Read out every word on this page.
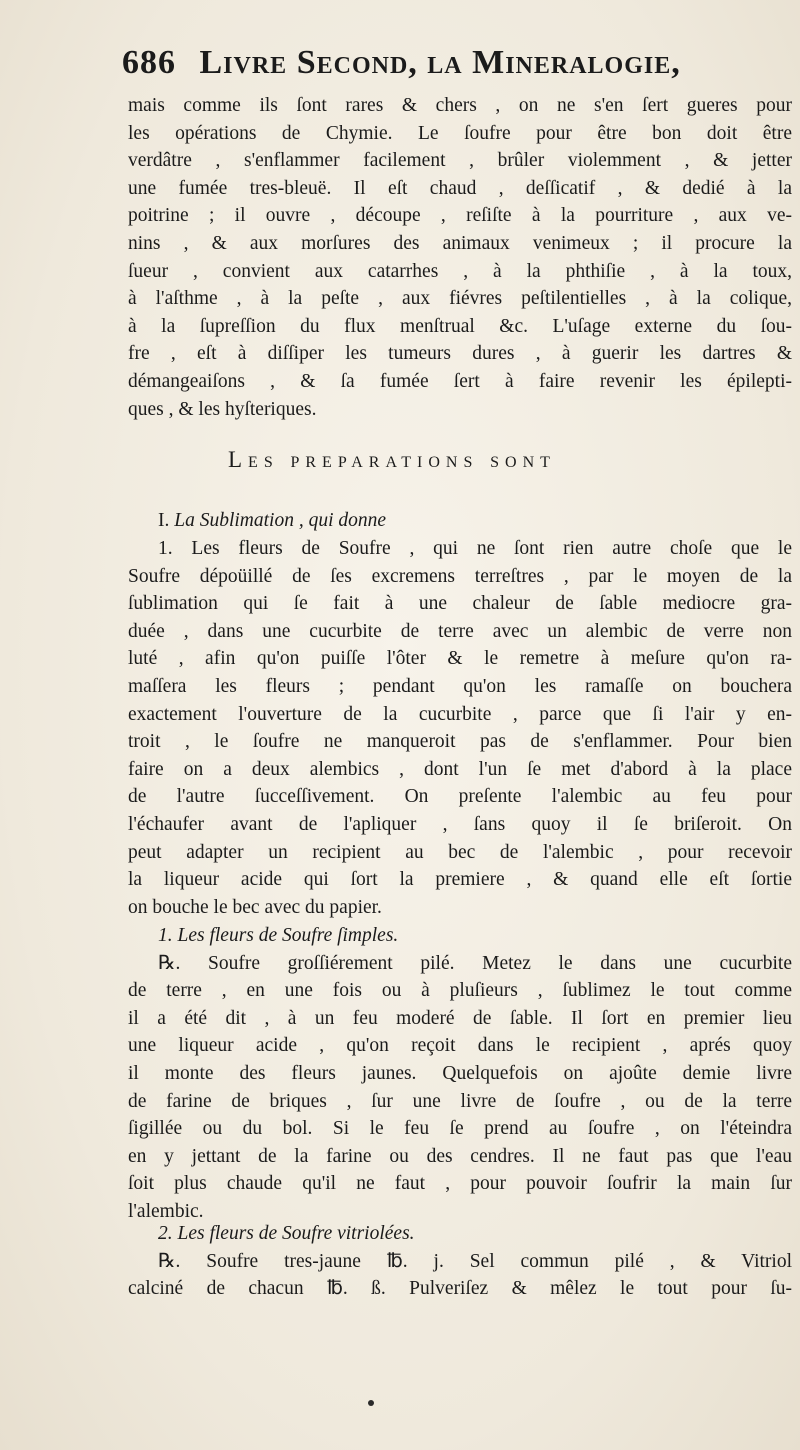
686 Livre Second, la Mineralogie,
mais comme ils ſont rares & chers , on ne s'en ſert gueres pour
les opérations de Chymie. Le ſoufre pour être bon doit être
verdâtre , s'enflammer facilement , brûler violemment , & jetter
une fumée tres-bleuë. Il eſt chaud , deſſicatif , & dedié à la
poitrine ; il ouvre , découpe , reſiſte à la pourriture , aux ve-
nins , & aux morſures des animaux venimeux ; il procure la
ſueur , convient aux catarrhes , à la phthiſie , à la toux,
à l'aſthme , à la peſte , aux fiévres peſtilentielles , à la colique,
à la ſupreſſion du flux menſtrual &c. L'uſage externe du ſou-
fre , eſt à diſſiper les tumeurs dures , à guerir les dartres &
démangeaiſons , & ſa fumée ſert à faire revenir les épilepti-
ques , & les hyſteriques.
Les preparations sont
I. La Sublimation , qui donne
1. Les fleurs de Soufre , qui ne ſont rien autre choſe que le
Soufre dépoüillé de ſes excremens terreſtres , par le moyen de la
ſublimation qui ſe fait à une chaleur de ſable mediocre gra-
duée , dans une cucurbite de terre avec un alembic de verre non
luté , afin qu'on puiſſe l'ôter & le remetre à meſure qu'on ra-
maſſera les fleurs ; pendant qu'on les ramaſſe on bouchera
exactement l'ouverture de la cucurbite , parce que ſi l'air y en-
troit , le ſoufre ne manqueroit pas de s'enflammer. Pour bien
faire on a deux alembics , dont l'un ſe met d'abord à la place
de l'autre ſucceſſivement. On preſente l'alembic au feu pour
l'échaufer avant de l'apliquer , ſans quoy il ſe briſeroit. On
peut adapter un recipient au bec de l'alembic , pour recevoir
la liqueur acide qui ſort la premiere , & quand elle eſt ſortie
on bouche le bec avec du papier.
1. Les fleurs de Soufre ſimples.
℞. Soufre groſſiérement pilé. Metez le dans une cucurbite
de terre , en une fois ou à pluſieurs , ſublimez le tout comme
il a été dit , à un feu moderé de ſable. Il ſort en premier lieu
une liqueur acide , qu'on reçoit dans le recipient , aprés quoy
il monte des fleurs jaunes. Quelquefois on ajoûte demie livre
de farine de briques , ſur une livre de ſoufre , ou de la terre
ſigillée ou du bol. Si le feu ſe prend au ſoufre , on l'éteindra
en y jettant de la farine ou des cendres. Il ne faut pas que l'eau
ſoit plus chaude qu'il ne faut , pour pouvoir ſoufrir la main ſur
l'alembic.
2. Les fleurs de Soufre vitriolées.
℞. Soufre tres-jaune ℔. j. Sel commun pilé , & Vitriol
calciné de chacun ℔. ß. Pulveriſez & mêlez le tout pour ſu-
